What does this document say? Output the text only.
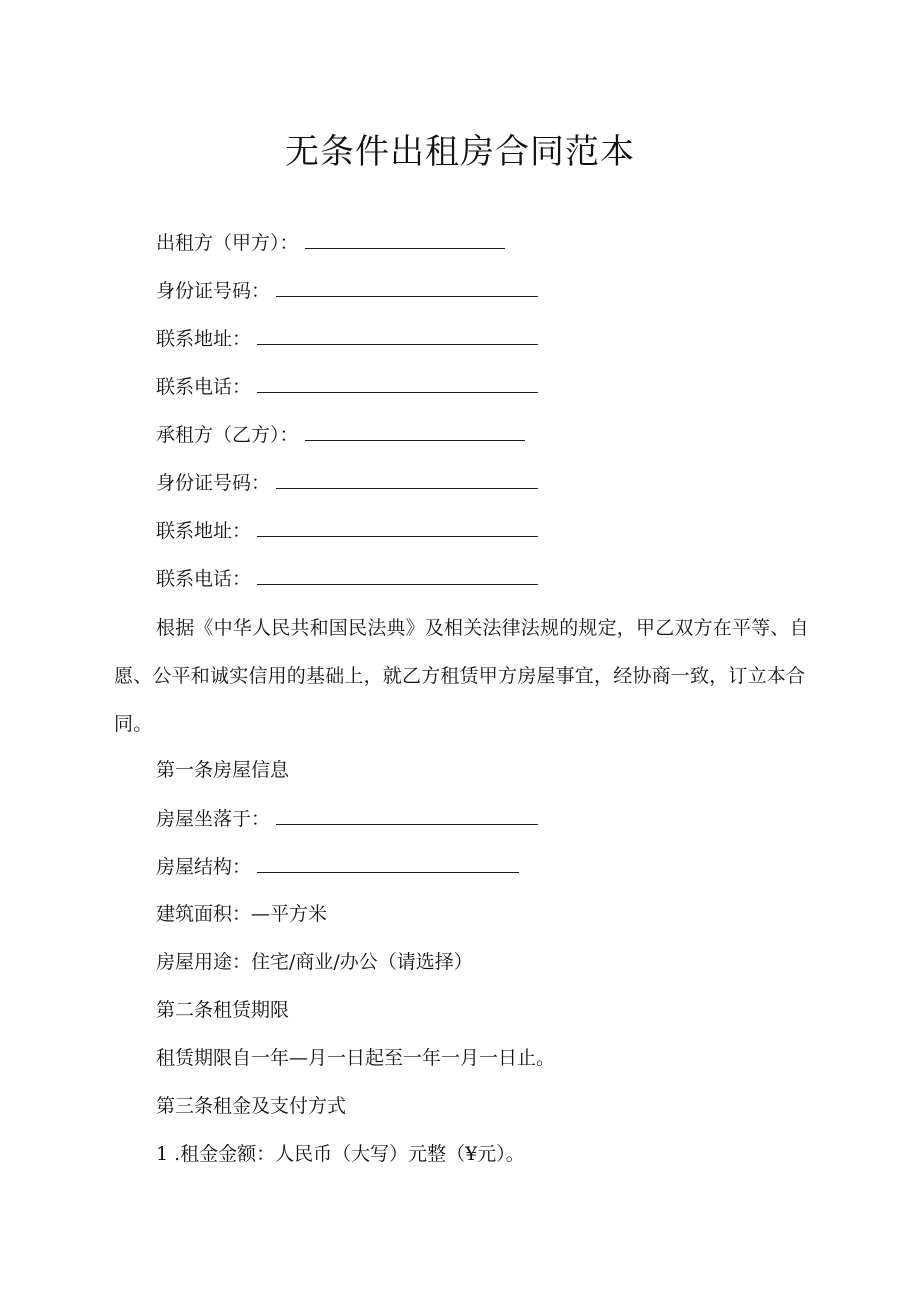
无条件出租房合同范本
出租方（甲方）：
身份证号码：
联系地址：
联系电话：
承租方（乙方）：
身份证号码：
联系地址：
联系电话：
根据《中华人民共和国民法典》及相关法律法规的规定，甲乙双方在平等、自愿、公平和诚实信用的基础上，就乙方租赁甲方房屋事宜，经协商一致，订立本合同。
第一条房屋信息
房屋坐落于：
房屋结构：
建筑面积：—平方米
房屋用途：住宅/商业/办公（请选择）
第二条租赁期限
租赁期限自一年—月一日起至一年一月一日止。
第三条租金及支付方式
1 .租金金额：人民币（大写）元整（¥元）。
